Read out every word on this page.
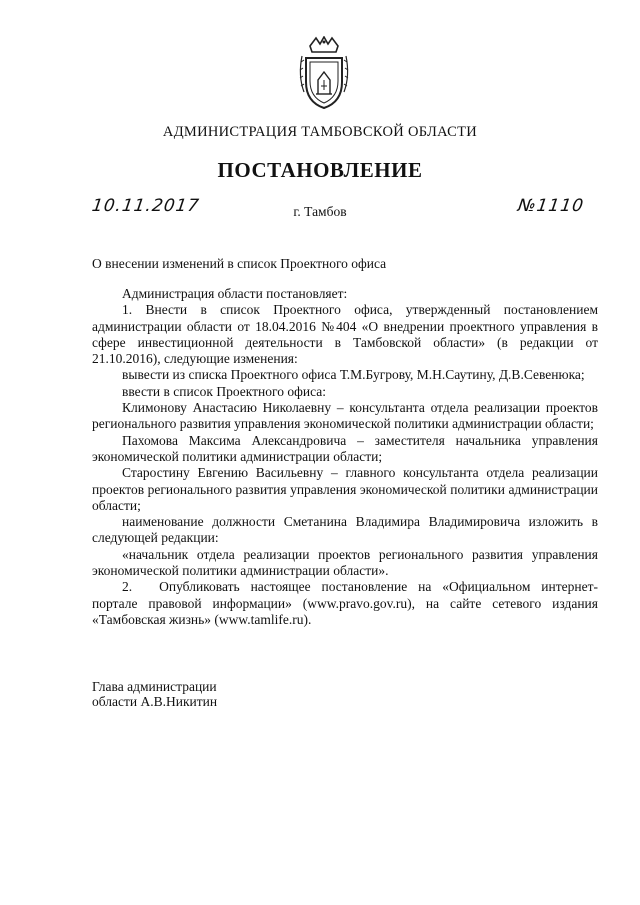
АДМИНИСТРАЦИЯ ТАМБОВСКОЙ ОБЛАСТИ
ПОСТАНОВЛЕНИЕ
10.11.2017	г. Тамбов	№1110
О внесении изменений в список Проектного офиса

Администрация области постановляет:

1. Внести в список Проектного офиса, утвержденный постановлением администрации области от 18.04.2016 №404 «О внедрении проектного управления в сфере инвестиционной деятельности в Тамбовской области» (в редакции от 21.10.2016), следующие изменения:

вывести из списка Проектного офиса Т.М.Бугрову, М.Н.Саутину, Д.В.Севенюка;

ввести в список Проектного офиса:

Климонову Анастасию Николаевну – консультанта отдела реализации проектов регионального развития управления экономической политики администрации области;

Пахомова Максима Александровича – заместителя начальника управления экономической политики администрации области;

Старостину Евгению Васильевну – главного консультанта отдела реализации проектов регионального развития управления экономической политики администрации области;

наименование должности Сметанина Владимира Владимировича изложить в следующей редакции:

«начальник отдела реализации проектов регионального развития управления экономической политики администрации области».

2.  Опубликовать настоящее постановление на «Официальном интернет-портале правовой информации» (www.pravo.gov.ru), на сайте сетевого издания «Тамбовская жизнь» (www.tamlife.ru).

Глава администрации
области А.В.Никитин
